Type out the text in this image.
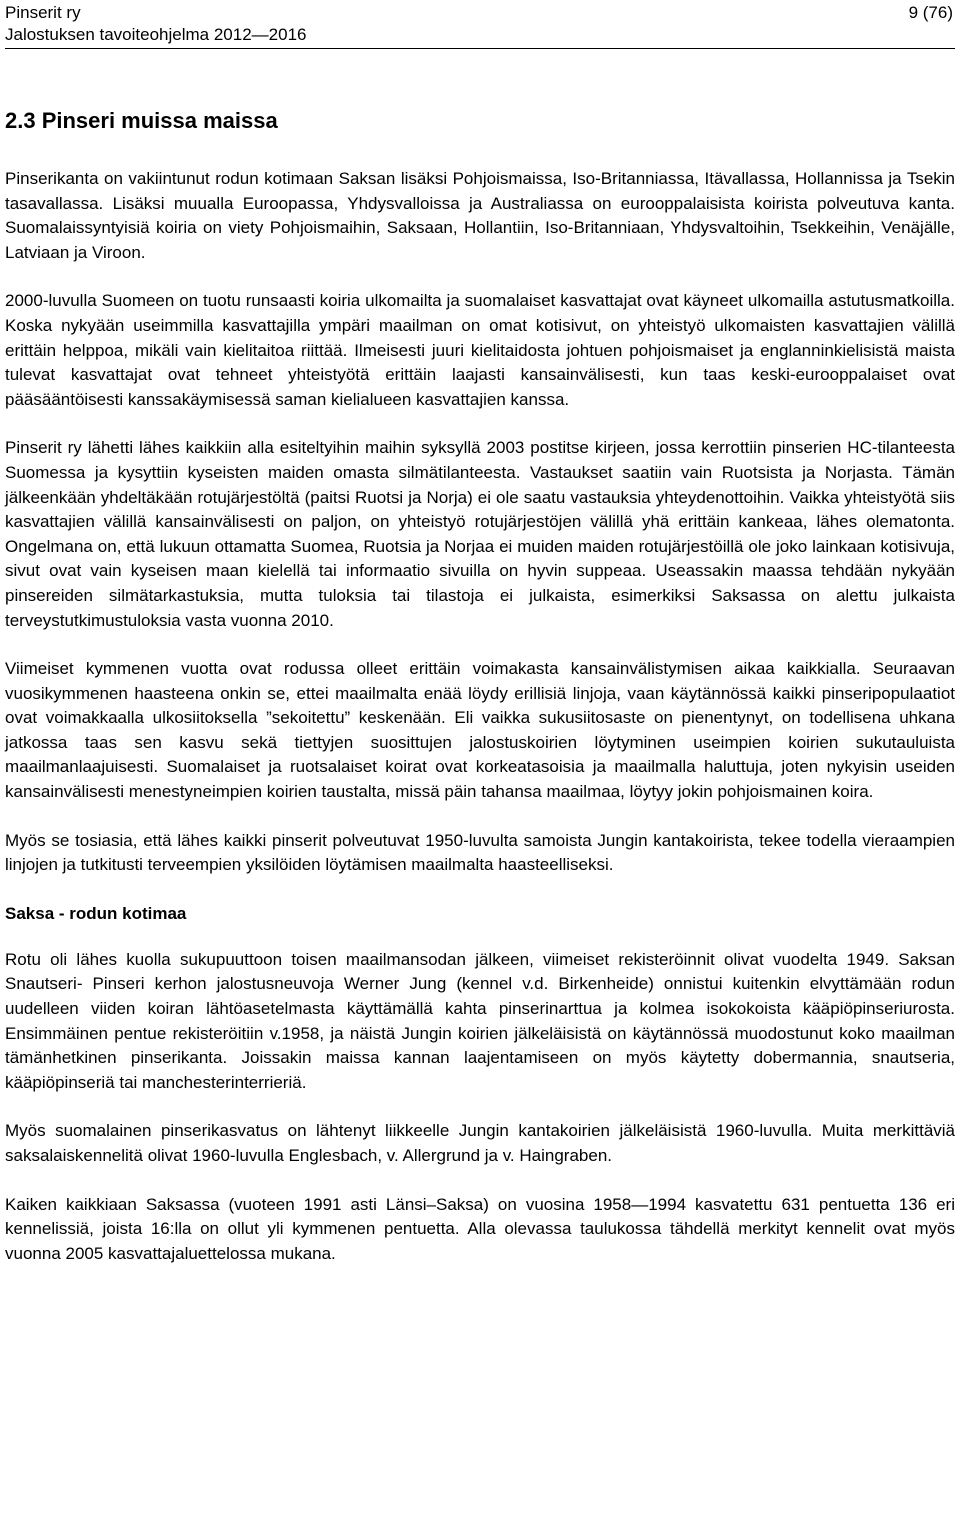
Pinserit ry
Jalostuksen tavoiteohjelma 2012—2016
9 (76)
2.3 Pinseri muissa maissa

Pinserikanta on vakiintunut rodun kotimaan Saksan lisäksi Pohjoismaissa, Iso-Britanniassa, Itävallassa, Hollannissa ja Tsekin tasavallassa. Lisäksi muualla Euroopassa, Yhdysvalloissa ja Australiassa on eurooppalaisista koirista polveutuva kanta. Suomalaissyntyisiä koiria on viety Pohjoismaihin, Saksaan, Hollantiin, Iso-Britanniaan, Yhdysvaltoihin, Tsekkeihin, Venäjälle, Latviaan ja Viroon.

2000-luvulla Suomeen on tuotu runsaasti koiria ulkomailta ja suomalaiset kasvattajat ovat käyneet ulkomailla astutusmatkoilla. Koska nykyään useimmilla kasvattajilla ympäri maailman on omat kotisivut, on yhteistyö ulkomaisten kasvattajien välillä erittäin helppoa, mikäli vain kielitaitoa riittää. Ilmeisesti juuri kielitaidosta johtuen pohjoismaiset ja englanninkielisistä maista tulevat kasvattajat ovat tehneet yhteistyötä erittäin laajasti kansainvälisesti, kun taas keski-eurooppalaiset ovat pääsääntöisesti kanssakäymisessä saman kielialueen kasvattajien kanssa.

Pinserit ry lähetti lähes kaikkiin alla esiteltyihin maihin syksyllä 2003 postitse kirjeen, jossa kerrottiin pinserien HC-tilanteesta Suomessa ja kysyttiin kyseisten maiden omasta silmätilanteesta. Vastaukset saatiin vain Ruotsista ja Norjasta. Tämän jälkeenkään yhdeltäkään rotujärjestöltä (paitsi Ruotsi ja Norja) ei ole saatu vastauksia yhteydenottoihin. Vaikka yhteistyötä siis kasvattajien välillä kansainvälisesti on paljon, on yhteistyö rotujärjestöjen välillä yhä erittäin kankeaa, lähes olematonta. Ongelmana on, että lukuun ottamatta Suomea, Ruotsia ja Norjaa ei muiden maiden rotujärjestöillä ole joko lainkaan kotisivuja, sivut ovat vain kyseisen maan kielellä tai informaatio sivuilla on hyvin suppeaa. Useassakin maassa tehdään nykyään pinsereiden silmätarkastuksia, mutta tuloksia tai tilastoja ei julkaista, esimerkiksi Saksassa on alettu julkaista terveystutkimustuloksia vasta vuonna 2010.

Viimeiset kymmenen vuotta ovat rodussa olleet erittäin voimakasta kansainvälistymisen aikaa kaikkialla. Seuraavan vuosikymmenen haasteena onkin se, ettei maailmalta enää löydy erillisiä linjoja, vaan käytännössä kaikki pinseripopulaatiot ovat voimakkaalla ulkosiitoksella ”sekoitettu” keskenään. Eli vaikka sukusiitosaste on pienentynyt, on todellisena uhkana jatkossa taas sen kasvu sekä tiettyjen suosittujen jalostuskoirien löytyminen useimpien koirien sukutauluista maailmanlaajuisesti. Suomalaiset ja ruotsalaiset koirat ovat korkeatasoisia ja maailmalla haluttuja, joten nykyisin useiden kansainvälisesti menestyneimpien koirien taustalta, missä päin tahansa maailmaa, löytyy jokin pohjoismainen koira.

Myös se tosiasia, että lähes kaikki pinserit polveutuvat 1950-luvulta samoista Jungin kantakoirista, tekee todella vieraampien linjojen ja tutkitusti terveempien yksilöiden löytämisen maailmalta haasteelliseksi.

Saksa - rodun kotimaa

Rotu oli lähes kuolla sukupuuttoon toisen maailmansodan jälkeen, viimeiset rekisteröinnit olivat vuodelta 1949. Saksan Snautseri- Pinseri kerhon jalostusneuvoja Werner Jung (kennel v.d. Birkenheide) onnistui kuitenkin elvyttämään rodun uudelleen viiden koiran lähtöasetelmasta käyttämällä kahta pinserinarttua ja kolmea isokokoista kääpiöpinseriurosta. Ensimmäinen pentue rekisteröitiin v.1958, ja näistä Jungin koirien jälkeläisistä on käytännössä muodostunut koko maailman tämänhetkinen pinserikanta. Joissakin maissa kannan laajentamiseen on myös käytetty dobermannia, snautseria, kääpiöpinseriä tai manchesterinterrieriä.

Myös suomalainen pinserikasvatus on lähtenyt liikkeelle Jungin kantakoirien jälkeläisistä 1960-luvulla. Muita merkittäviä saksalaiskennelitä olivat 1960-luvulla Englesbach, v. Allergrund ja v. Haingraben.

Kaiken kaikkiaan Saksassa (vuoteen 1991 asti Länsi–Saksa) on vuosina 1958—1994 kasvatettu 631 pentuetta 136 eri kennelissiä, joista 16:lla on ollut yli kymmenen pentuetta. Alla olevassa taulukossa tähdellä merkityt kennelit ovat myös vuonna 2005 kasvattajaluettelossa mukana.
